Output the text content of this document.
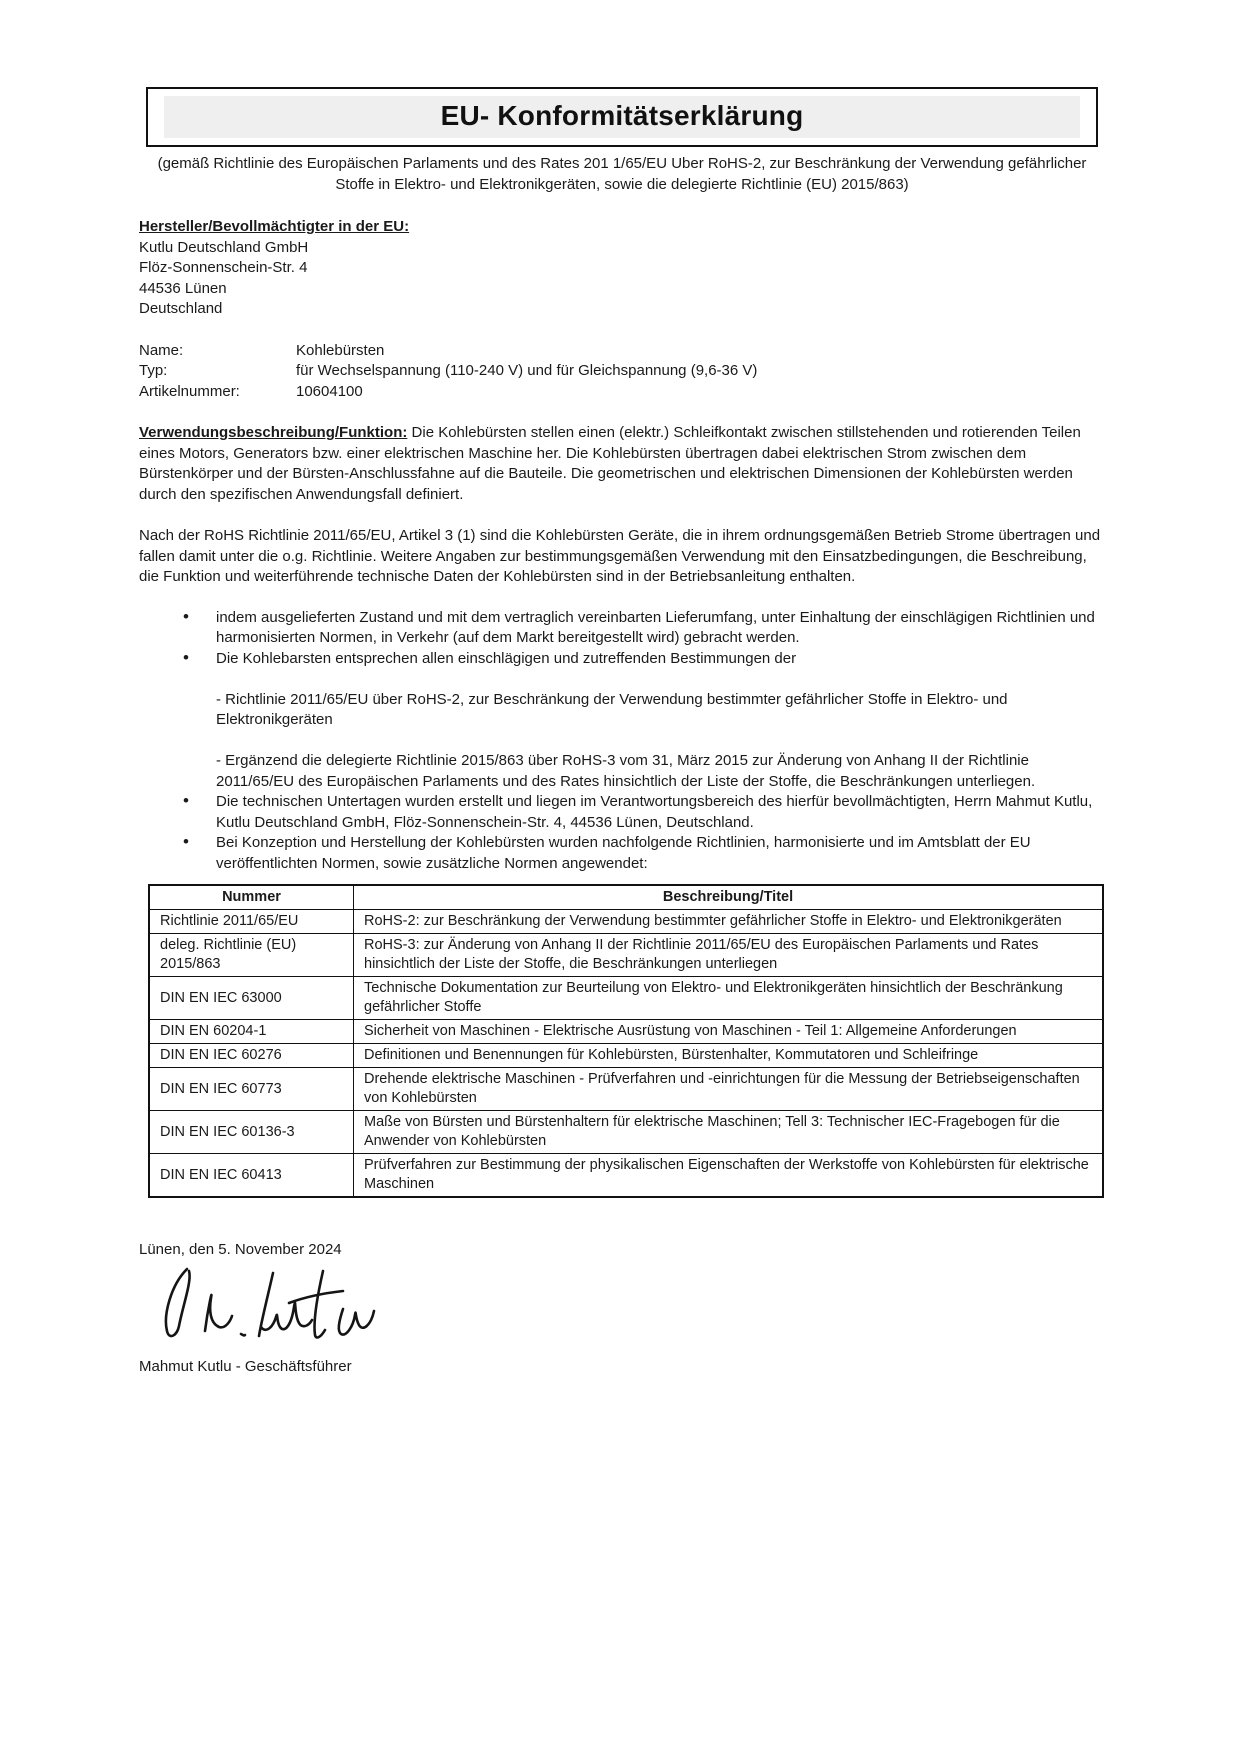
EU- Konformitätserklärung
(gemäß Richtlinie des Europäischen Parlaments und des Rates 201 1/65/EU Uber RoHS-2, zur Beschränkung der Verwendung gefährlicher Stoffe in Elektro- und Elektronikgeräten, sowie die delegierte Richtlinie (EU) 2015/863)
Hersteller/Bevollmächtigter in der EU:
Kutlu Deutschland GmbH
Flöz-Sonnenschein-Str. 4
44536 Lünen
Deutschland
Name:	Kohlebürsten
Typ:	für Wechselspannung (110-240 V) und für Gleichspannung (9,6-36 V)
Artikelnummer:	10604100
Verwendungsbeschreibung/Funktion: Die Kohlebürsten stellen einen (elektr.) Schleifkontakt zwischen stillstehenden und rotierenden Teilen eines Motors, Generators bzw. einer elektrischen Maschine her. Die Kohlebürsten übertragen dabei elektrischen Strom zwischen dem Bürstenkörper und der Bürsten-Anschlussfahne auf die Bauteile. Die geometrischen und elektrischen Dimensionen der Kohlebürsten werden durch den spezifischen Anwendungsfall definiert.
Nach der RoHS Richtlinie 2011/65/EU, Artikel 3 (1) sind die Kohlebürsten Geräte, die in ihrem ordnungsgemäßen Betrieb Strome übertragen und fallen damit unter die o.g. Richtlinie. Weitere Angaben zur bestimmungsgemäßen Verwendung mit den Einsatzbedingungen, die Beschreibung, die Funktion und weiterführende technische Daten der Kohlebürsten sind in der Betriebsanleitung enthalten.
• indem ausgelieferten Zustand und mit dem vertraglich vereinbarten Lieferumfang, unter Einhaltung der einschlägigen Richtlinien und harmonisierten Normen, in Verkehr (auf dem Markt bereitgestellt wird) gebracht werden.
• Die Kohlebarsten entsprechen allen einschlägigen und zutreffenden Bestimmungen der
- Richtlinie 2011/65/EU über RoHS-2, zur Beschränkung der Verwendung bestimmter gefährlicher Stoffe in Elektro- und Elektronikgeräten
- Ergänzend die delegierte Richtlinie 2015/863 über RoHS-3 vom 31, März 2015 zur Änderung von Anhang II der Richtlinie 2011/65/EU des Europäischen Parlaments und des Rates hinsichtlich der Liste der Stoffe, die Beschränkungen unterliegen.
• Die technischen Untertagen wurden erstellt und liegen im Verantwortungsbereich des hierfür bevollmächtigten, Herrn Mahmut Kutlu, Kutlu Deutschland GmbH, Flöz-Sonnenschein-Str. 4, 44536 Lünen, Deutschland.
• Bei Konzeption und Herstellung der Kohlebürsten wurden nachfolgende Richtlinien, harmonisierte und im Amtsblatt der EU veröffentlichten Normen, sowie zusätzliche Normen angewendet:
Nummer	Beschreibung/Titel
Richtlinie 2011/65/EU	RoHS-2: zur Beschränkung der Verwendung bestimmter gefährlicher Stoffe in Elektro- und Elektronikgeräten
deleg. Richtlinie (EU) 2015/863	RoHS-3: zur Änderung von Anhang II der Richtlinie 2011/65/EU des Europäischen Parlaments und Rates hinsichtlich der Liste der Stoffe, die Beschränkungen unterliegen
DIN EN IEC 63000	Technische Dokumentation zur Beurteilung von Elektro- und Elektronikgeräten hinsichtlich der Beschränkung gefährlicher Stoffe
DIN EN 60204-1	Sicherheit von Maschinen - Elektrische Ausrüstung von Maschinen - Teil 1: Allgemeine Anforderungen
DIN EN IEC 60276	Definitionen und Benennungen für Kohlebürsten, Bürstenhalter, Kommutatoren und Schleifringe
DIN EN IEC 60773	Drehende elektrische Maschinen - Prüfverfahren und -einrichtungen für die Messung der Betriebseigenschaften von Kohlebürsten
DIN EN IEC 60136-3	Maße von Bürsten und Bürstenhaltern für elektrische Maschinen; Tell 3: Technischer IEC-Fragebogen für die Anwender von Kohlebürsten
DIN EN IEC 60413	Prüfverfahren zur Bestimmung der physikalischen Eigenschaften der Werkstoffe von Kohlebürsten für elektrische Maschinen
Lünen, den 5. November 2024
Mahmut Kutlu - Geschäftsführer
